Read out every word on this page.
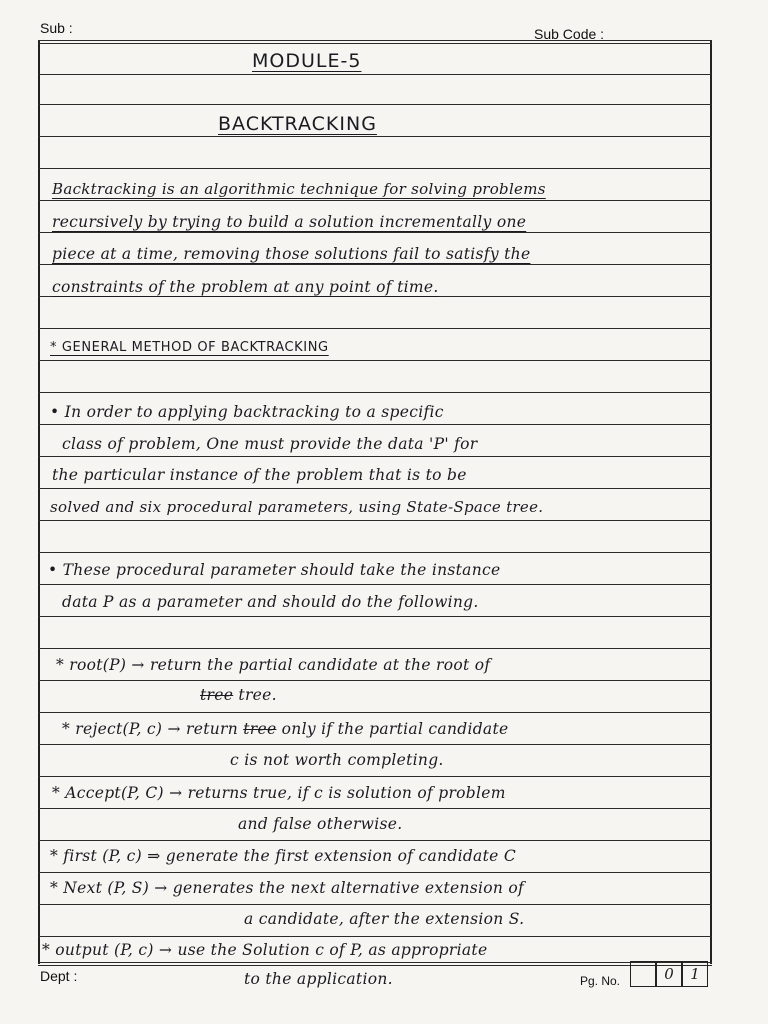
Sub :	Sub Code :
MODULE-5
BACKTRACKING
Backtracking is an algorithmic technique for solving problems
recursively by trying to build a solution incrementally one
piece at a time, removing those solutions fail to satisfy the
constraints of the problem at any point of time.
* GENERAL METHOD OF BACKTRACKING
• In order to applying backtracking to a specific
class of problem, One must provide the data 'P' for
the particular instance of the problem that is to be
solved and six procedural parameters, using State-Space tree.
• These procedural parameter should take the instance
data P as a parameter and should do the following.
* root(P) → return the partial candidate at the root of
tree tree.
* reject(P, c) → return tree only if the partial candidate
c is not worth completing.
* Accept(P, C) → returns true, if c is solution of problem
and false otherwise.
* first (P, c) ⇒ generate the first extension of candidate C
* Next (P, S) → generates the next alternative extension of
a candidate, after the extension S.
* output (P, c) → use the Solution c of P, as appropriate
to the application.
Dept :	Pg. No.	0	1
